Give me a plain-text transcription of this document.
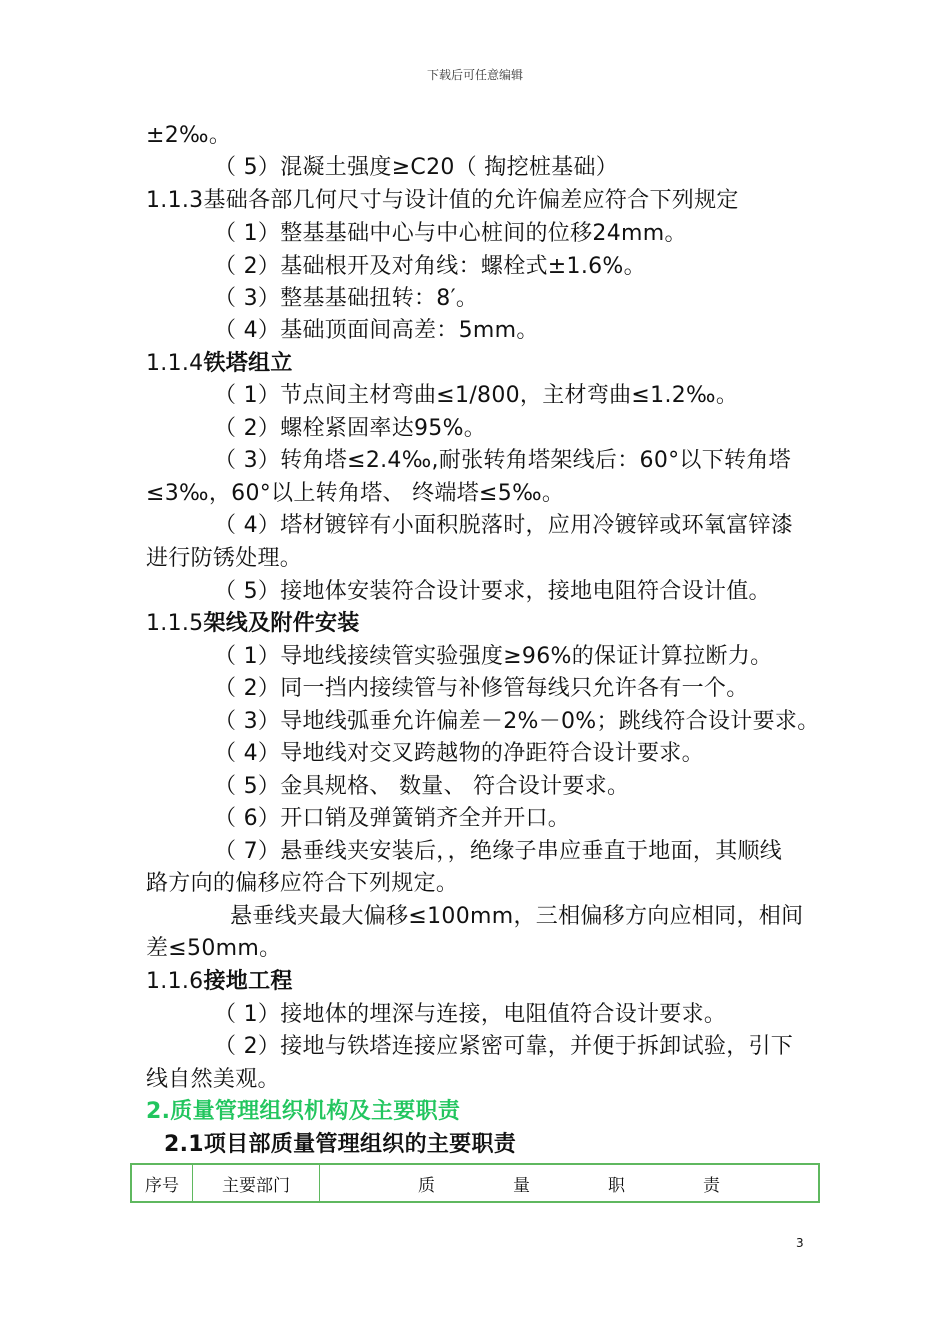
下载后可任意编辑
±2‰。
（ 5）混凝土强度≥C20（ 掏挖桩基础）
1.1.3基础各部几何尺寸与设计值的允许偏差应符合下列规定
（ 1）整基基础中心与中心桩间的位移24mm。
（ 2）基础根开及对角线：螺栓式±1.6%。
（ 3）整基基础扭转：8′。
（ 4）基础顶面间高差：5mm。
1.1.4铁塔组立
（ 1）节点间主材弯曲≤1/800，主材弯曲≤1.2‰。
（ 2）螺栓紧固率达95%。
（ 3）转角塔≤2.4‰,耐张转角塔架线后：60°以下转角塔
≤3‰，60°以上转角塔、 终端塔≤5‰。
（ 4）塔材镀锌有小面积脱落时，应用冷镀锌或环氧富锌漆
进行防锈处理。
（ 5）接地体安装符合设计要求，接地电阻符合设计值。
1.1.5架线及附件安装
（ 1）导地线接续管实验强度≥96%的保证计算拉断力。
（ 2）同一挡内接续管与补修管每线只允许各有一个。
（ 3）导地线弧垂允许偏差－2%－0%；跳线符合设计要求。
（ 4）导地线对交叉跨越物的净距符合设计要求。
（ 5）金具规格、 数量、 符合设计要求。
（ 6）开口销及弹簧销齐全并开口。
（ 7）悬垂线夹安装后，，绝缘子串应垂直于地面，其顺线
路方向的偏移应符合下列规定。
悬垂线夹最大偏移≤100mm，三相偏移方向应相同，相间
差≤50mm。
1.1.6接地工程
（ 1）接地体的埋深与连接，电阻值符合设计要求。
（ 2）接地与铁塔连接应紧密可靠，并便于拆卸试验，引下
线自然美观。
2.质量管理组织机构及主要职责
2.1项目部质量管理组织的主要职责
序号	主要部门	质	量	职	责
3
